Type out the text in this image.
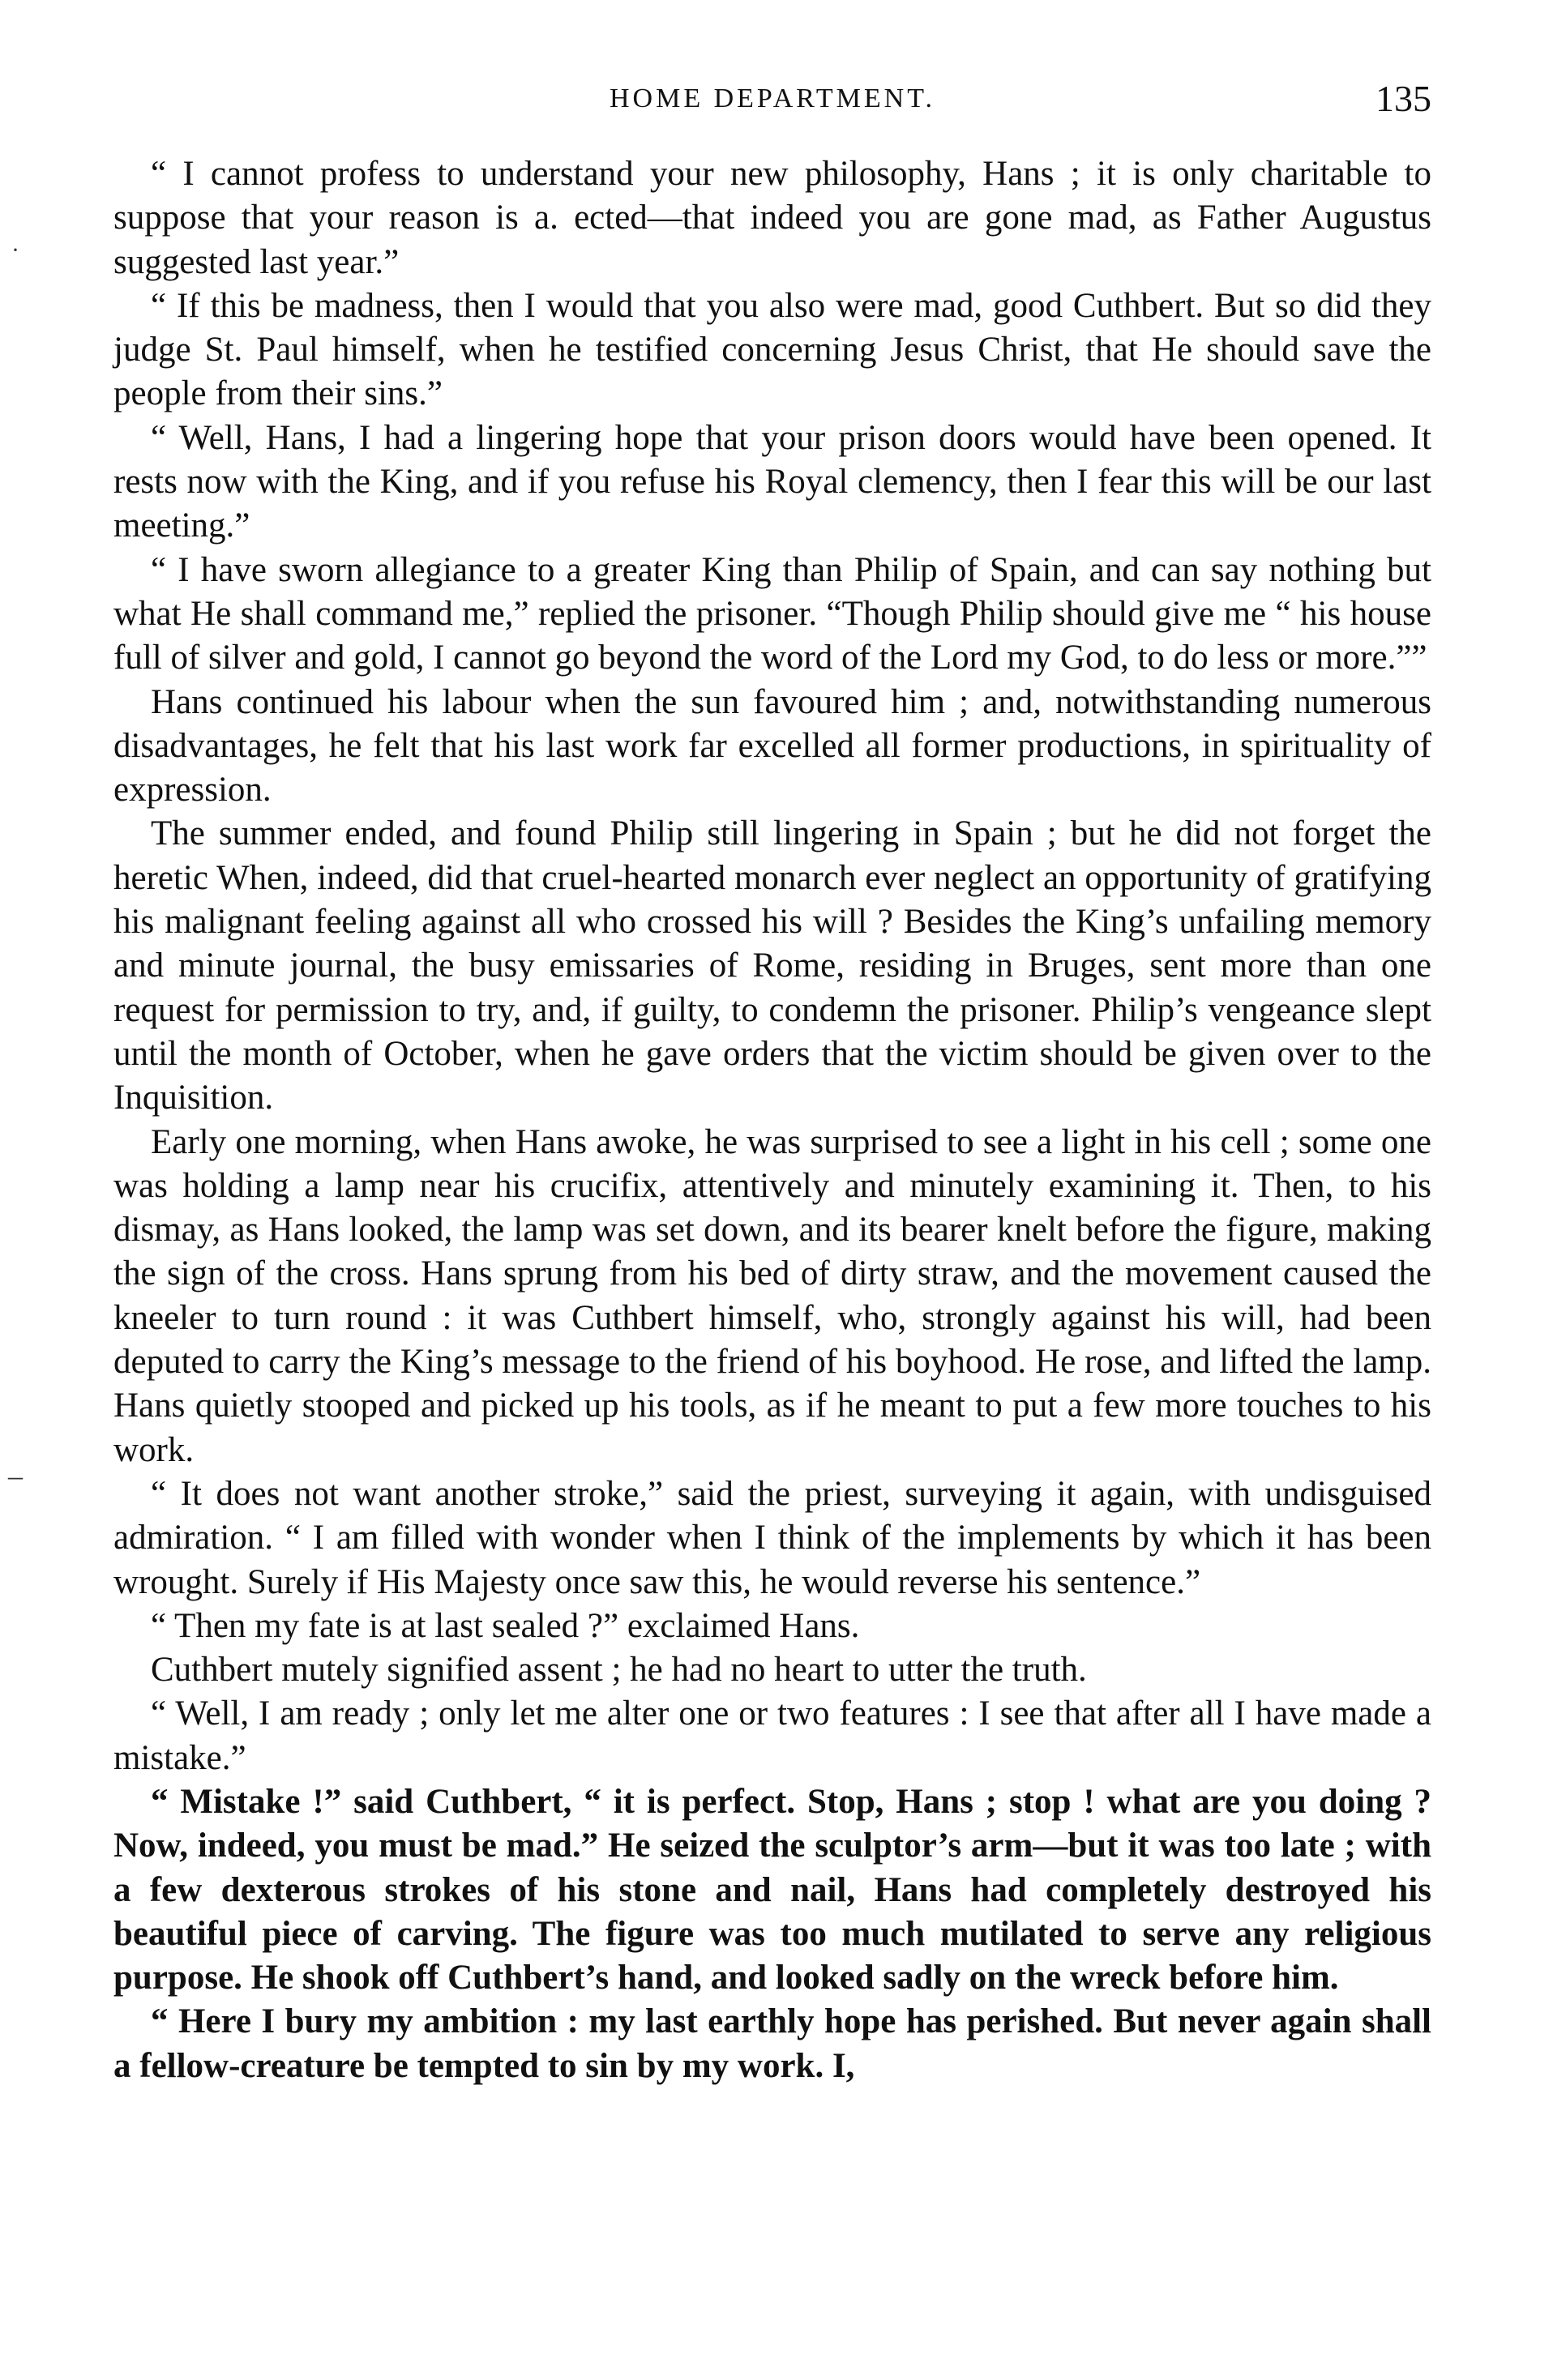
HOME DEPARTMENT.	135
·
–

“ I cannot profess to understand your new philosophy, Hans ; it is only charitable to suppose that your reason is a. ected—that indeed you are gone mad, as Father Augustus suggested last year.”

“ If this be madness, then I would that you also were mad, good Cuthbert. But so did they judge St. Paul himself, when he testified concerning Jesus Christ, that He should save the people from their sins.”

“ Well, Hans, I had a lingering hope that your prison doors would have been opened. It rests now with the King, and if you refuse his Royal clemency, then I fear this will be our last meeting.”

“ I have sworn allegiance to a greater King than Philip of Spain, and can say nothing but what He shall command me,” replied the prisoner. “Though Philip should give me “ his house full of silver and gold, I cannot go beyond the word of the Lord my God, to do less or more.””

Hans continued his labour when the sun favoured him ; and, notwithstanding numerous disadvantages, he felt that his last work far excelled all former productions, in spirituality of expression.

The summer ended, and found Philip still lingering in Spain ; but he did not forget the heretic When, indeed, did that cruel-hearted monarch ever neglect an opportunity of gratifying his malignant feeling against all who crossed his will ? Besides the King’s unfailing memory and minute journal, the busy emissaries of Rome, residing in Bruges, sent more than one request for permission to try, and, if guilty, to condemn the prisoner. Philip’s vengeance slept until the month of October, when he gave orders that the victim should be given over to the Inquisition.

Early one morning, when Hans awoke, he was surprised to see a light in his cell ; some one was holding a lamp near his crucifix, attentively and minutely examining it. Then, to his dismay, as Hans looked, the lamp was set down, and its bearer knelt before the figure, making the sign of the cross. Hans sprung from his bed of dirty straw, and the movement caused the kneeler to turn round : it was Cuthbert himself, who, strongly against his will, had been deputed to carry the King’s message to the friend of his boyhood. He rose, and lifted the lamp. Hans quietly stooped and picked up his tools, as if he meant to put a few more touches to his work.

“ It does not want another stroke,” said the priest, surveying it again, with undisguised admiration. “ I am filled with wonder when I think of the implements by which it has been wrought. Surely if His Majesty once saw this, he would reverse his sentence.”

“ Then my fate is at last sealed ?” exclaimed Hans.

Cuthbert mutely signified assent ; he had no heart to utter the truth.

“ Well, I am ready ; only let me alter one or two features : I see that after all I have made a mistake.”

“ Mistake !” said Cuthbert, “ it is perfect. Stop, Hans ; stop ! what are you doing ? Now, indeed, you must be mad.” He seized the sculptor’s arm—but it was too late ; with a few dexterous strokes of his stone and nail, Hans had completely destroyed his beautiful piece of carving. The figure was too much mutilated to serve any religious purpose. He shook off Cuthbert’s hand, and looked sadly on the wreck before him.

“ Here I bury my ambition : my last earthly hope has perished. But never again shall a fellow-creature be tempted to sin by my work. I,
